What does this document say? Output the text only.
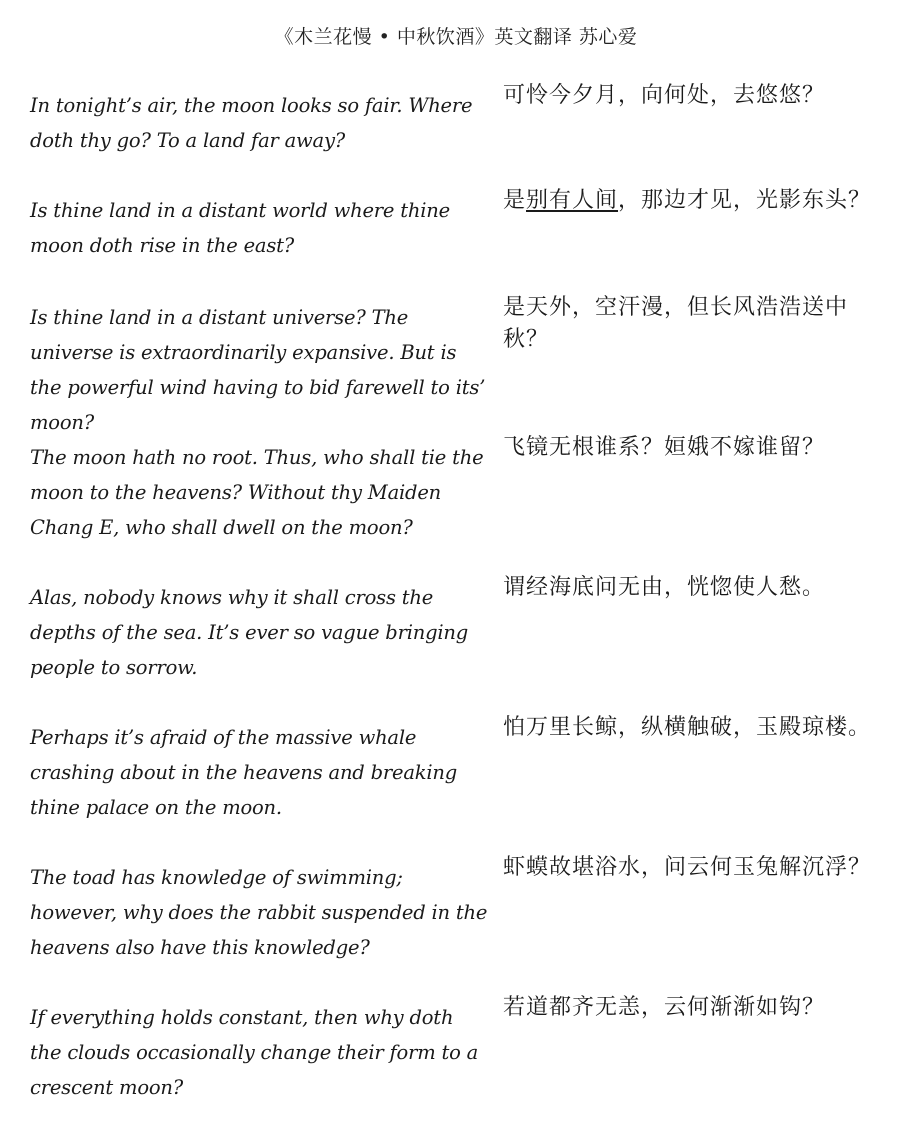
《木兰花慢 • 中秋饮酒》英文翻译 苏心爱
In tonight’s air, the moon looks so fair. Where doth thy go? To a land far away?
可怜今夕月，向何处，去悠悠？
Is thine land in a distant world where thine moon doth rise in the east?
是别有人间，那边才见，光影东头？
Is thine land in a distant universe? The universe is extraordinarily expansive. But is the powerful wind having to bid farewell to its’ moon?
是天外，空汗漫，但长风浩浩送中秋？
The moon hath no root. Thus, who shall tie the moon to the heavens? Without thy Maiden Chang E, who shall dwell on the moon?
飞镜无根谁系？姮娥不嫁谁留？
Alas, nobody knows why it shall cross the depths of the sea. It’s ever so vague bringing people to sorrow.
谓经海底问无由，恍惚使人愁。
Perhaps it’s afraid of the massive whale crashing about in the heavens and breaking thine palace on the moon.
怕万里长鲸，纵横触破，玉殿琼楼。
The toad has knowledge of swimming; however, why does the rabbit suspended in the heavens also have this knowledge?
虾蟆故堪浴水，问云何玉兔解沉浮？
If everything holds constant, then why doth the clouds occasionally change their form to a crescent moon?
若道都齐无恙，云何渐渐如钩？
